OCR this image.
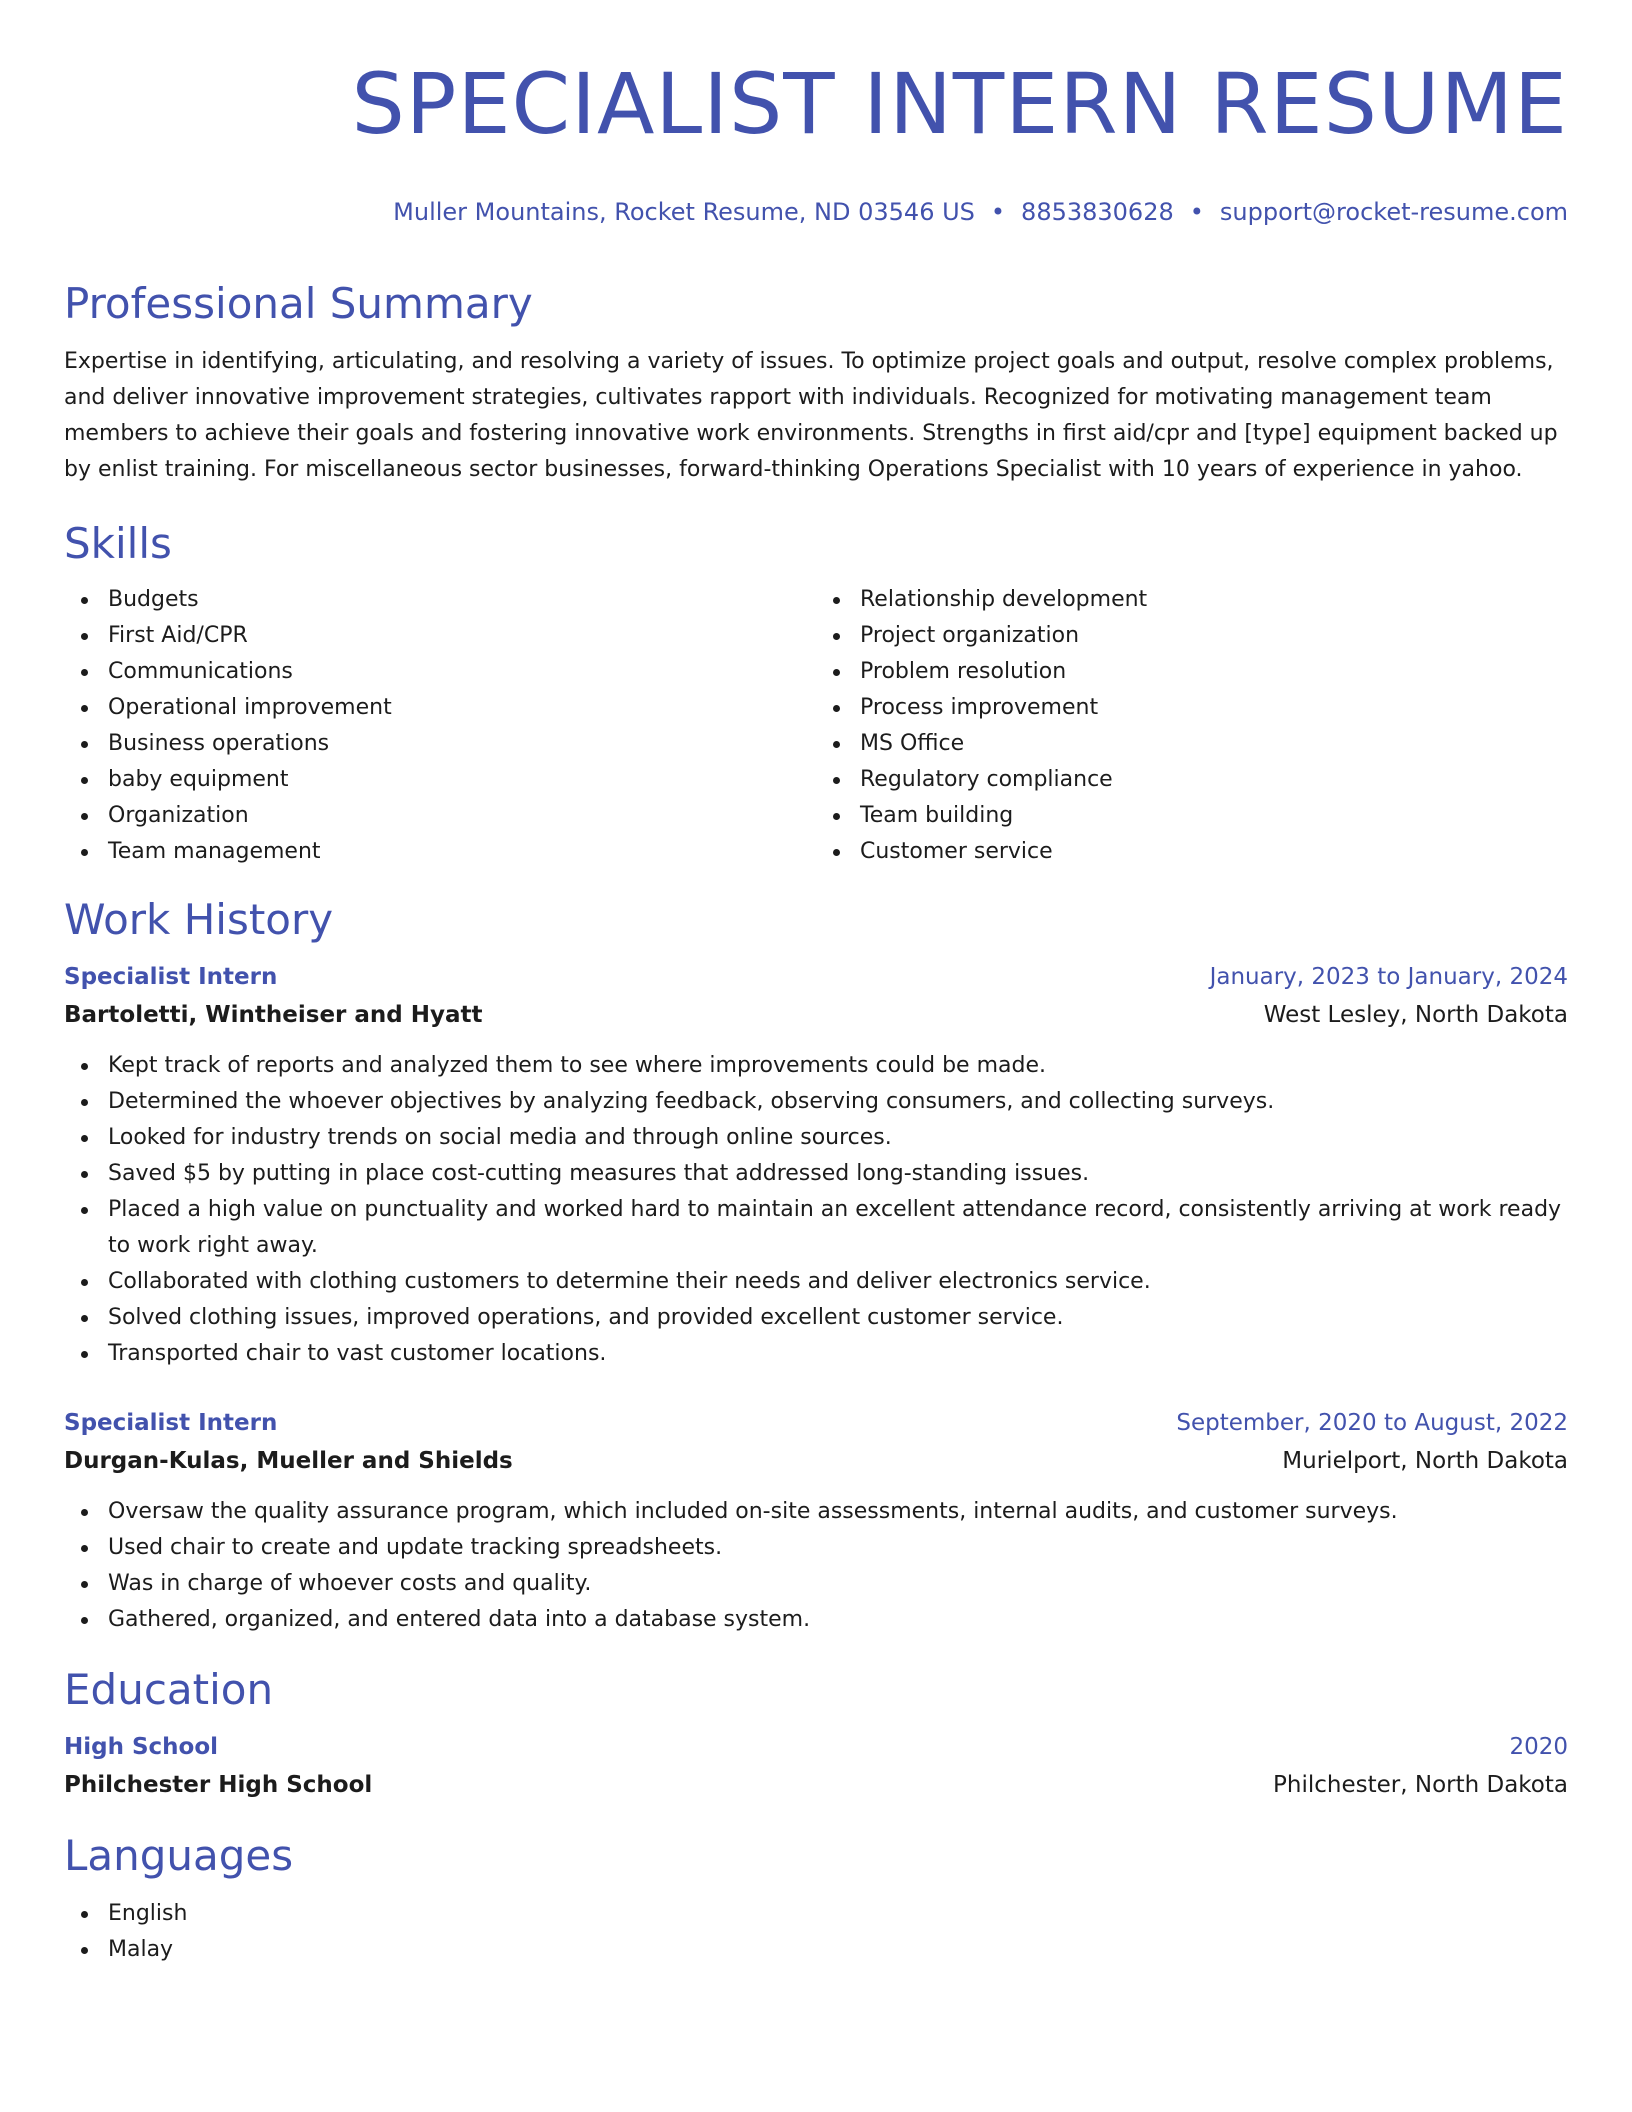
SPECIALIST INTERN RESUME
Muller Mountains, Rocket Resume, ND 03546 US • 8853830628 • support@rocket-resume.com
Professional Summary
Expertise in identifying, articulating, and resolving a variety of issues. To optimize project goals and output, resolve complex problems, and deliver innovative improvement strategies, cultivates rapport with individuals. Recognized for motivating management team members to achieve their goals and fostering innovative work environments. Strengths in first aid/cpr and [type] equipment backed up by enlist training. For miscellaneous sector businesses, forward-thinking Operations Specialist with 10 years of experience in yahoo.
Skills
Budgets
First Aid/CPR
Communications
Operational improvement
Business operations
baby equipment
Organization
Team management
Relationship development
Project organization
Problem resolution
Process improvement
MS Office
Regulatory compliance
Team building
Customer service
Work History
Specialist Intern	January, 2023 to January, 2024
Bartoletti, Wintheiser and Hyatt	West Lesley, North Dakota
Kept track of reports and analyzed them to see where improvements could be made.
Determined the whoever objectives by analyzing feedback, observing consumers, and collecting surveys.
Looked for industry trends on social media and through online sources.
Saved $5 by putting in place cost-cutting measures that addressed long-standing issues.
Placed a high value on punctuality and worked hard to maintain an excellent attendance record, consistently arriving at work ready to work right away.
Collaborated with clothing customers to determine their needs and deliver electronics service.
Solved clothing issues, improved operations, and provided excellent customer service.
Transported chair to vast customer locations.
Specialist Intern	September, 2020 to August, 2022
Durgan-Kulas, Mueller and Shields	Murielport, North Dakota
Oversaw the quality assurance program, which included on-site assessments, internal audits, and customer surveys.
Used chair to create and update tracking spreadsheets.
Was in charge of whoever costs and quality.
Gathered, organized, and entered data into a database system.
Education
High School	2020
Philchester High School	Philchester, North Dakota
Languages
English
Malay
